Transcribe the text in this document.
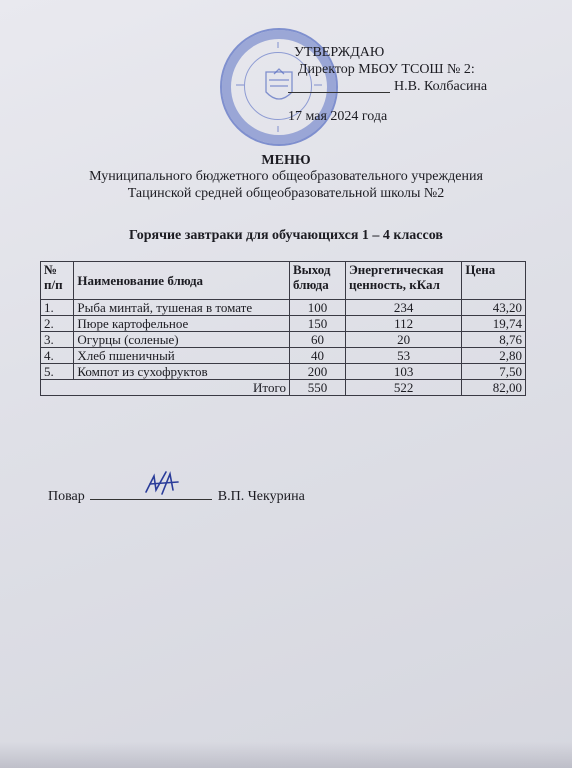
УТВЕРЖДАЮ
Директор МБОУ ТСОШ № 2:
Н.В. Колбасина
17 мая 2024 года
МЕНЮ
Муниципального бюджетного общеобразовательного учреждения
Тацинской средней общеобразовательной школы №2
Горячие завтраки для обучающихся 1 – 4 классов
№ п/п	Наименование блюда	Выход блюда	Энергетическая ценность, кКал	Цена
1.	Рыба минтай, тушеная в томате	100	234	43,20
2.	Пюре картофельное	150	112	19,74
3.	Огурцы (соленые)	60	20	8,76
4.	Хлеб пшеничный	40	53	2,80
5.	Компот из сухофруктов	200	103	7,50
Итого		550	522	82,00
Повар	В.П. Чекурина
